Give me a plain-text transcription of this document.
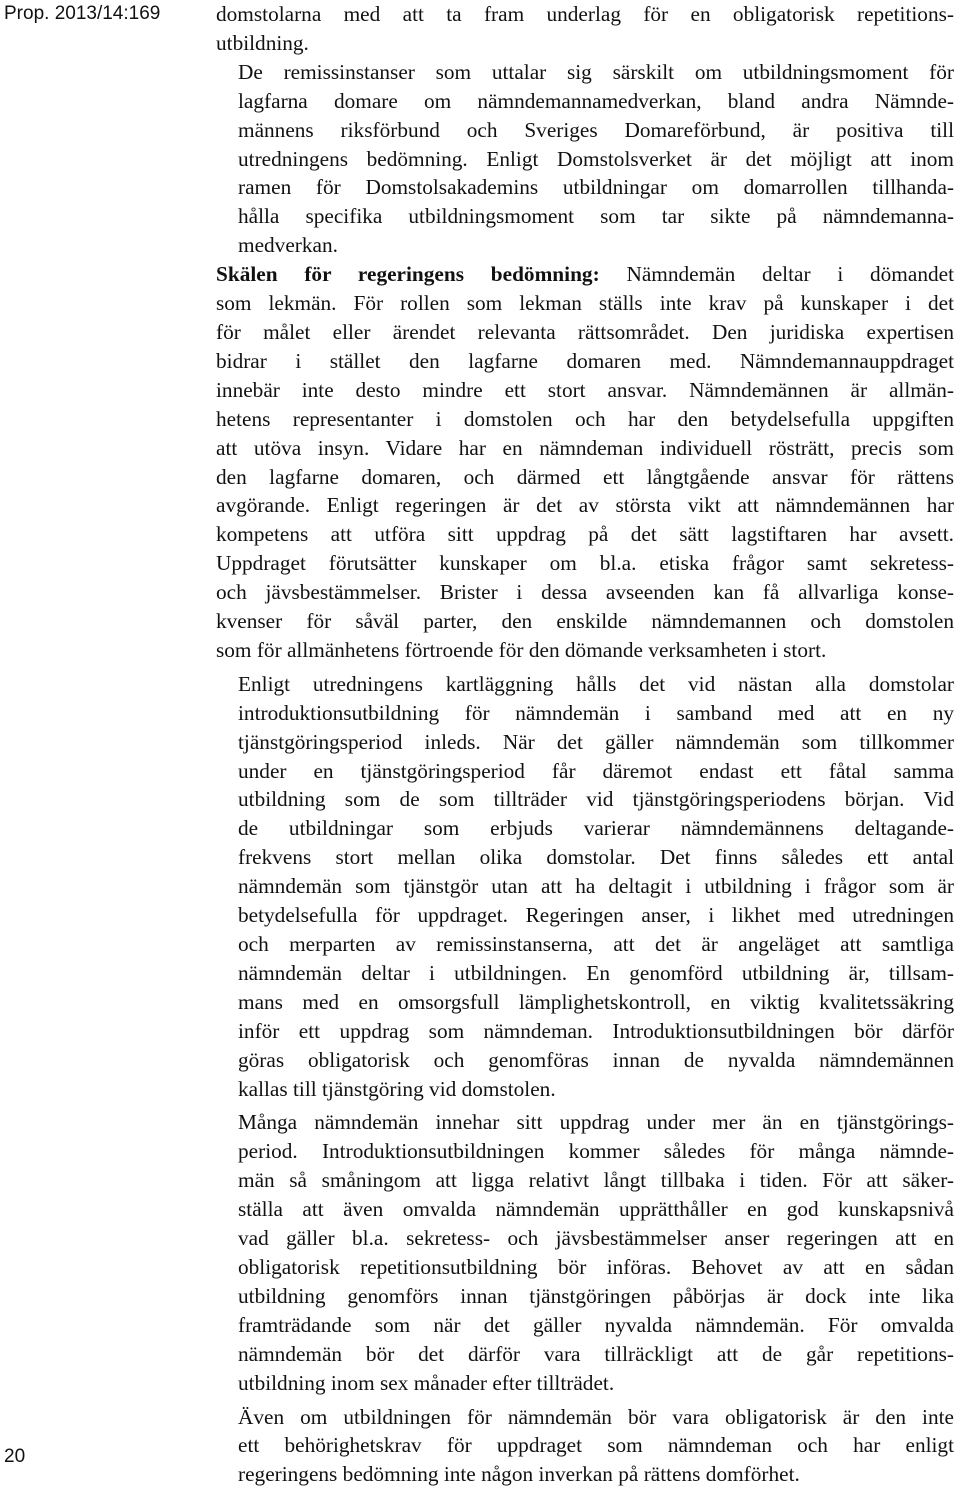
Prop. 2013/14:169
20

domstolarna med att ta fram underlag för en obligatorisk repetitions-
utbildning.

De remissinstanser som uttalar sig särskilt om utbildningsmoment för
lagfarna domare om nämndemannamedverkan, bland andra Nämnde-
männens riksförbund och Sveriges Domareförbund, är positiva till
utredningens bedömning. Enligt Domstolsverket är det möjligt att inom
ramen för Domstolsakademins utbildningar om domarrollen tillhanda-
hålla specifika utbildningsmoment som tar sikte på nämndemanna-
medverkan.

Skälen för regeringens bedömning: Nämndemän deltar i dömandet
som lekmän. För rollen som lekman ställs inte krav på kunskaper i det
för målet eller ärendet relevanta rättsområdet. Den juridiska expertisen
bidrar i stället den lagfarne domaren med. Nämndemannauppdraget
innebär inte desto mindre ett stort ansvar. Nämndemännen är allmän-
hetens representanter i domstolen och har den betydelsefulla uppgiften
att utöva insyn. Vidare har en nämndeman individuell rösträtt, precis som
den lagfarne domaren, och därmed ett långtgående ansvar för rättens
avgörande. Enligt regeringen är det av största vikt att nämndemännen har
kompetens att utföra sitt uppdrag på det sätt lagstiftaren har avsett.
Uppdraget förutsätter kunskaper om bl.a. etiska frågor samt sekretess-
och jävsbestämmelser. Brister i dessa avseenden kan få allvarliga konse-
kvenser för såväl parter, den enskilde nämndemannen och domstolen
som för allmänhetens förtroende för den dömande verksamheten i stort.

Enligt utredningens kartläggning hålls det vid nästan alla domstolar
introduktionsutbildning för nämndemän i samband med att en ny
tjänstgöringsperiod inleds. När det gäller nämndemän som tillkommer
under en tjänstgöringsperiod får däremot endast ett fåtal samma
utbildning som de som tillträder vid tjänstgöringsperiodens början. Vid
de utbildningar som erbjuds varierar nämndemännens deltagande-
frekvens stort mellan olika domstolar. Det finns således ett antal
nämndemän som tjänstgör utan att ha deltagit i utbildning i frågor som är
betydelsefulla för uppdraget. Regeringen anser, i likhet med utredningen
och merparten av remissinstanserna, att det är angeläget att samtliga
nämndemän deltar i utbildningen. En genomförd utbildning är, tillsam-
mans med en omsorgsfull lämplighetskontroll, en viktig kvalitetssäkring
inför ett uppdrag som nämndeman. Introduktionsutbildningen bör därför
göras obligatorisk och genomföras innan de nyvalda nämndemännen
kallas till tjänstgöring vid domstolen.

Många nämndemän innehar sitt uppdrag under mer än en tjänstgörings-
period. Introduktionsutbildningen kommer således för många nämnde-
män så småningom att ligga relativt långt tillbaka i tiden. För att säker-
ställa att även omvalda nämndemän upprätthåller en god kunskapsnivå
vad gäller bl.a. sekretess- och jävsbestämmelser anser regeringen att en
obligatorisk repetitionsutbildning bör införas. Behovet av att en sådan
utbildning genomförs innan tjänstgöringen påbörjas är dock inte lika
framträdande som när det gäller nyvalda nämndemän. För omvalda
nämndemän bör det därför vara tillräckligt att de går repetitions-
utbildning inom sex månader efter tillträdet.

Även om utbildningen för nämndemän bör vara obligatorisk är den inte
ett behörighetskrav för uppdraget som nämndeman och har enligt
regeringens bedömning inte någon inverkan på rättens domförhet.
